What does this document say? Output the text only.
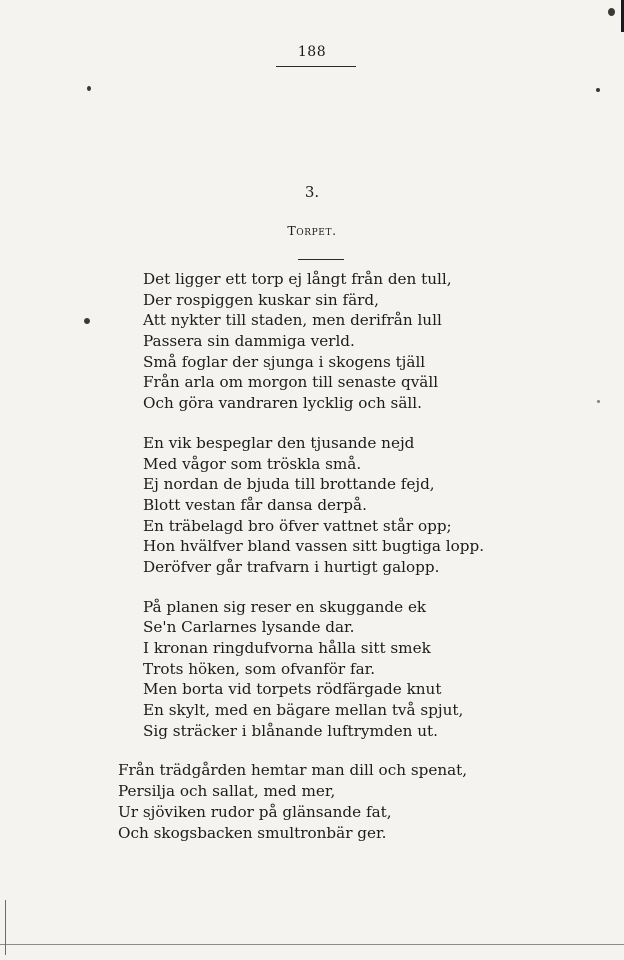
188
3.
Torpet.
Det ligger ett torp ej långt från den tull,
Der rospiggen kuskar sin färd,
Att nykter till staden, men derifrån lull
Passera sin dammiga verld.
Små foglar der sjunga i skogens tjäll
Från arla om morgon till senaste qväll
Och göra vandraren lycklig och säll.
En vik bespeglar den tjusande nejd
Med vågor som tröskla små.
Ej nordan de bjuda till brottande fejd,
Blott vestan får dansa derpå.
En träbelagd bro öfver vattnet står opp;
Hon hvälfver bland vassen sitt bugtiga lopp.
Deröfver går trafvarn i hurtigt galopp.
På planen sig reser en skuggande ek
Se'n Carlarnes lysande dar.
I kronan ringdufvorna hålla sitt smek
Trots höken, som ofvanför far.
Men borta vid torpets rödfärgade knut
En skylt, med en bägare mellan två spjut,
Sig sträcker i blånande luftrymden ut.
Från trädgården hemtar man dill och spenat,
Persilja och sallat, med mer,
Ur sjöviken rudor på glänsande fat,
Och skogsbacken smultronbär ger.
